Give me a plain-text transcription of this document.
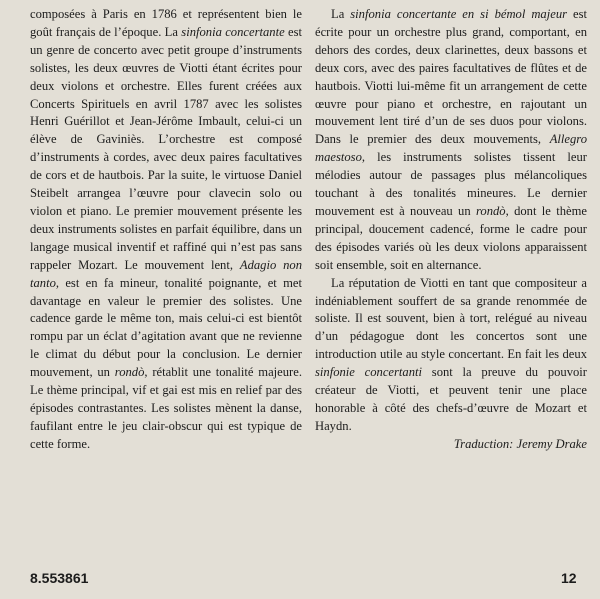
composées à Paris en 1786 et représentent bien le goût français de l’époque. La sinfonia concertante est un genre de concerto avec petit groupe d’instruments solistes, les deux œuvres de Viotti étant écrites pour deux violons et orchestre. Elles furent créées aux Concerts Spirituels en avril 1787 avec les solistes Henri Guérillot et Jean-Jérôme Imbault, celui-ci un élève de Gaviniès. L’orchestre est composé d’instruments à cordes, avec deux paires facultatives de cors et de hautbois. Par la suite, le virtuose Daniel Steibelt arrangea l’œuvre pour clavecin solo ou violon et piano. Le premier mouvement présente les deux instruments solistes en parfait équilibre, dans un langage musical inventif et raffiné qui n’est pas sans rappeler Mozart. Le mouvement lent, Adagio non tanto, est en fa mineur, tonalité poignante, et met davantage en valeur le premier des solistes. Une cadence garde le même ton, mais celui-ci est bientôt rompu par un éclat d’agitation avant que ne revienne le climat du début pour la conclusion. Le dernier mouvement, un rondò, rétablit une tonalité majeure. Le thème principal, vif et gai est mis en relief par des épisodes contrastantes. Les solistes mènent la danse, faufilant entre le jeu clair-obscur qui est typique de cette forme.

La sinfonia concertante en si bémol majeur est écrite pour un orchestre plus grand, comportant, en dehors des cordes, deux clarinettes, deux bassons et deux cors, avec des paires facultatives de flûtes et de hautbois. Viotti lui-même fit un arrangement de cette œuvre pour piano et orchestre, en rajoutant un mouvement lent tiré d’un de ses duos pour violons. Dans le premier des deux mouvements, Allegro maestoso, les instruments solistes tissent leur mélodies autour de passages plus mélancoliques touchant à des tonalités mineures. Le dernier mouvement est à nouveau un rondò, dont le thème principal, doucement cadencé, forme le cadre pour des épisodes variés où les deux violons apparaissent soit ensemble, soit en alternance.

La réputation de Viotti en tant que compositeur a indéniablement souffert de sa grande renommée de soliste. Il est souvent, bien à tort, relégué au niveau d’un pédagogue dont les concertos sont une introduction utile au style concertant. En fait les deux sinfonie concertanti sont la preuve du pouvoir créateur de Viotti, et peuvent tenir une place honorable à côté des chefs-d’œuvre de Mozart et Haydn.

Traduction: Jeremy Drake

8.553861	12
